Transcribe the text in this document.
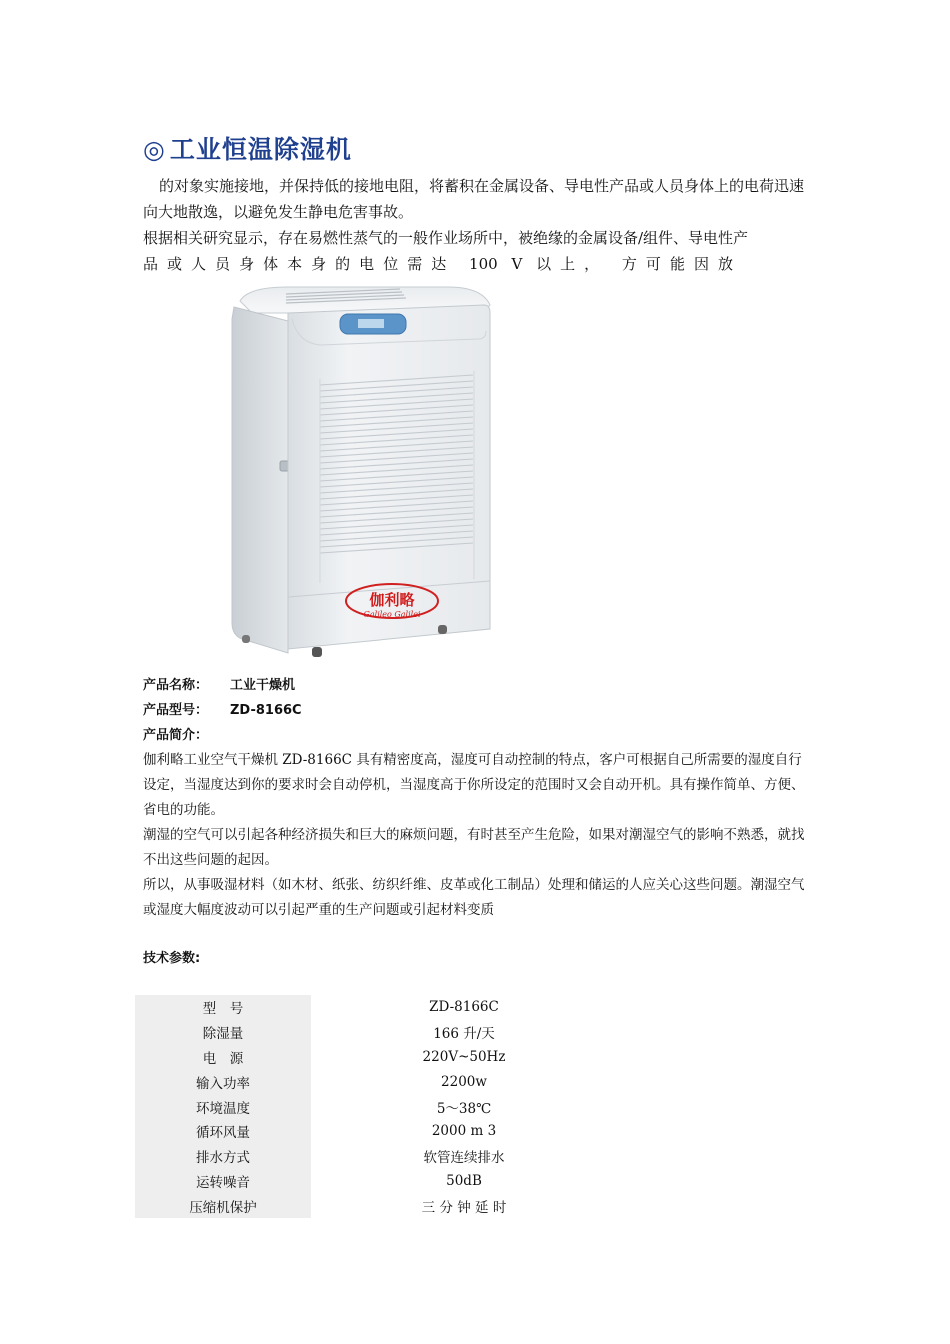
◎ 工业恒温除湿机

的对象实施接地，并保持低的接地电阻，将蓄积在金属设备、导电性产品或人员身体上的电荷迅速向大地散逸，以避免发生静电危害事故。

根据相关研究显示，存在易燃性蒸气的一般作业场所中，被绝缘的金属设备/组件、导电性产

品或人员身体本身的电位需达 100 V 以上， 方可能因放

伽利略
Galileo Galilei
产品名称： 工业干燥机
产品型号： ZD-8166C
产品简介：

伽利略工业空气干燥机 ZD-8166C 具有精密度高，湿度可自动控制的特点，客户可根据自己所需要的湿度自行设定，当湿度达到你的要求时会自动停机，当湿度高于你所设定的范围时又会自动开机。具有操作简单、方便、省电的功能。

潮湿的空气可以引起各种经济损失和巨大的麻烦问题，有时甚至产生危险，如果对潮湿空气的影响不熟悉，就找不出这些问题的起因。

所以，从事吸湿材料（如木材、纸张、纺织纤维、皮革或化工制品）处理和储运的人应关心这些问题。潮湿空气或湿度大幅度波动可以引起严重的生产问题或引起材料变质

技术参数:
型　号	ZD-8166C
除湿量	166 升/天
电　源	220V~50Hz
输入功率	2200w
环境温度	5～38℃
循环风量	2000 m 3
排水方式	软管连续排水
运转噪音	50dB
压缩机保护	三 分 钟 延 时
